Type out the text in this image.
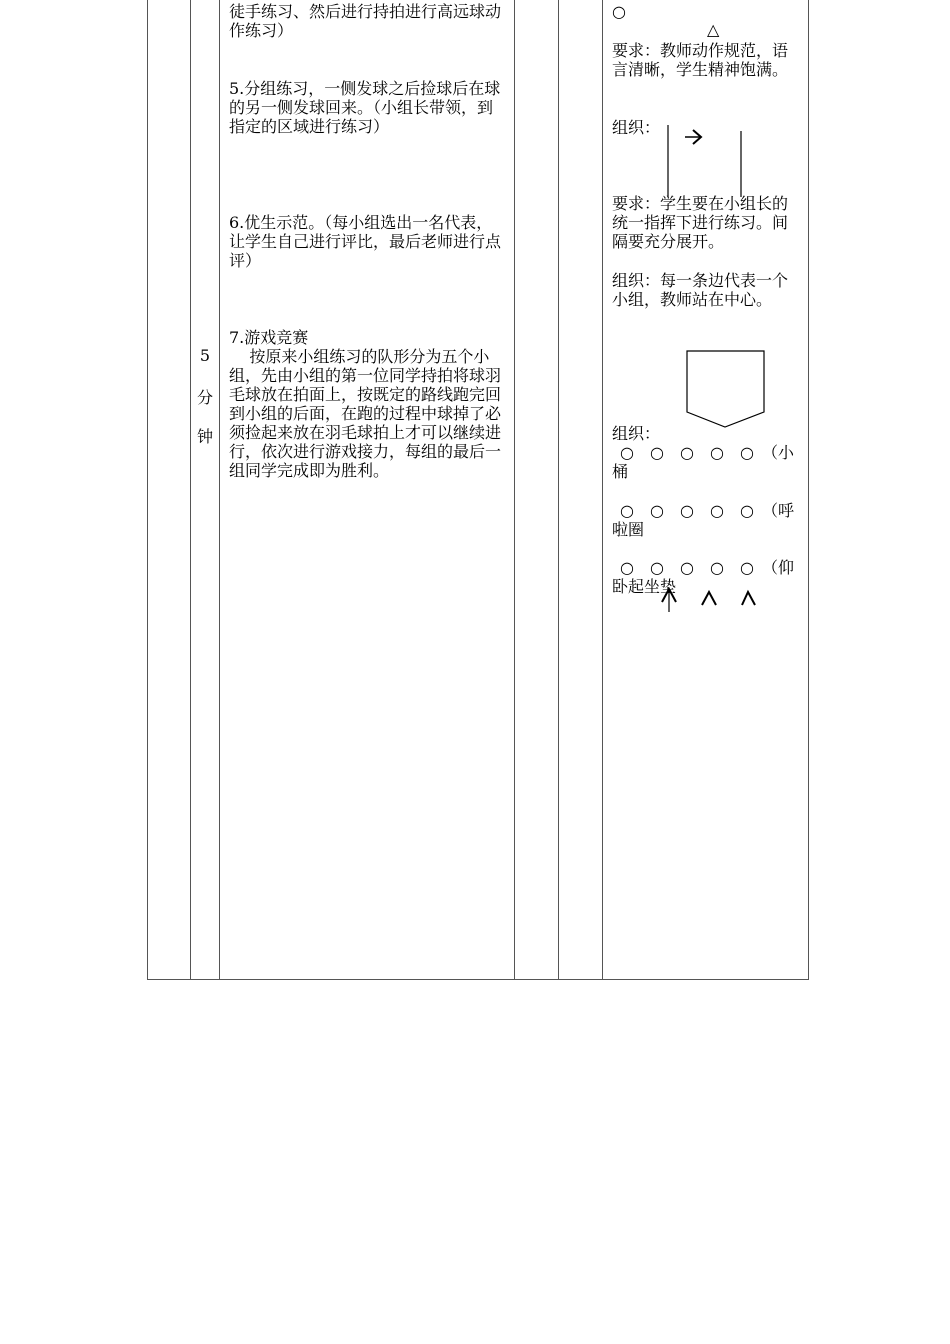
5
分
钟
徒手练习、然后进行持拍进行高远球动作练习）
5.分组练习，一侧发球之后捡球后在球的另一侧发球回来。（小组长带领，到指定的区域进行练习）
6.优生示范。（每小组选出一名代表，让学生自己进行评比，最后老师进行点评）
7.游戏竞赛
按原来小组练习的队形分为五个小组，先由小组的第一位同学持拍将球羽毛球放在拍面上，按既定的路线跑完回到小组的后面，在跑的过程中球掉了必须捡起来放在羽毛球拍上才可以继续进行，依次进行游戏接力，每组的最后一组同学完成即为胜利。
○
△
要求：教师动作规范，语言清晰，学生精神饱满。
组织：
要求：学生要在小组长的统一指挥下进行练习。间隔要充分展开。
组织：每一条边代表一个小组，教师站在中心。
组织：
○ ○ ○ ○ ○ （小
桶
○ ○ ○ ○ ○ （呼
啦圈
○ ○ ○ ○ ○ （仰
卧起坐垫
